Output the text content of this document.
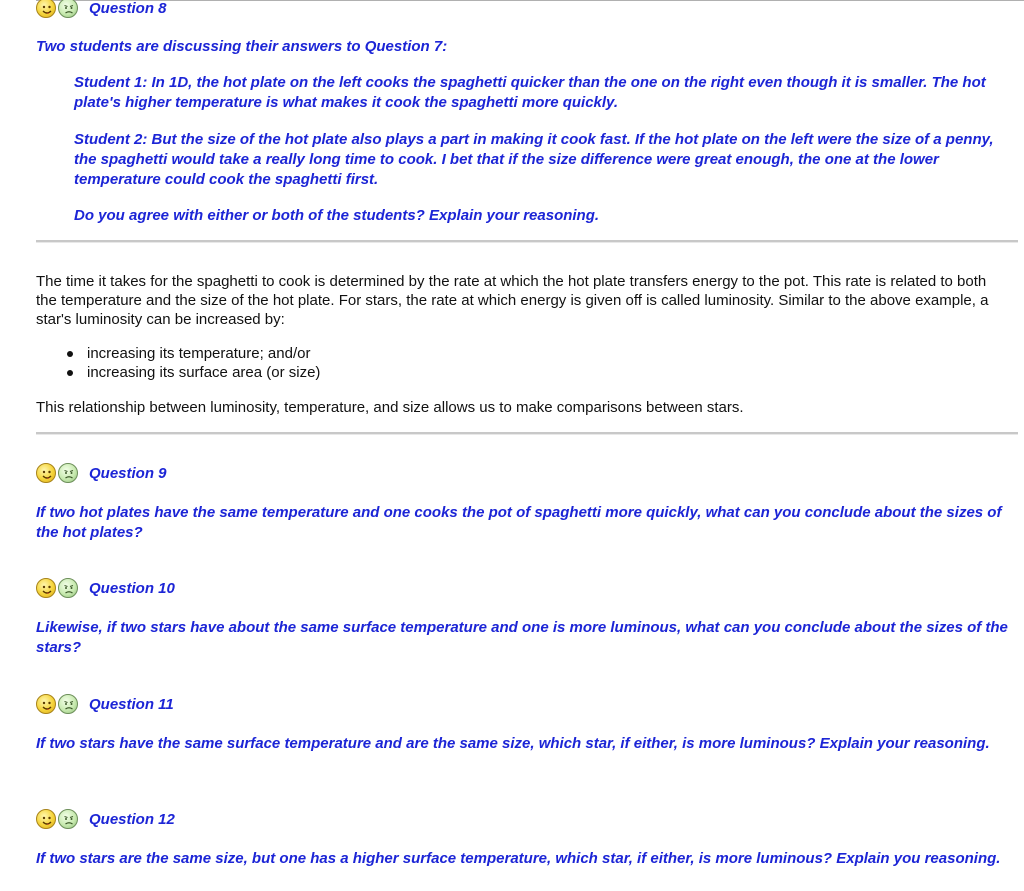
Question 8

Two students are discussing their answers to Question 7:

Student 1: In 1D, the hot plate on the left cooks the spaghetti quicker than the one on the right even though it is smaller. The hot plate's higher temperature is what makes it cook the spaghetti more quickly.

Student 2: But the size of the hot plate also plays a part in making it cook fast. If the hot plate on the left were the size of a penny, the spaghetti would take a really long time to cook. I bet that if the size difference were great enough, the one at the lower temperature could cook the spaghetti first.

Do you agree with either or both of the students? Explain your reasoning.

The time it takes for the spaghetti to cook is determined by the rate at which the hot plate transfers energy to the pot. This rate is related to both the temperature and the size of the hot plate. For stars, the rate at which energy is given off is called luminosity. Similar to the above example, a star's luminosity can be increased by:

increasing its temperature; and/or
increasing its surface area (or size)

This relationship between luminosity, temperature, and size allows us to make comparisons between stars.

Question 9

If two hot plates have the same temperature and one cooks the pot of spaghetti more quickly, what can you conclude about the sizes of the hot plates?

Question 10

Likewise, if two stars have about the same surface temperature and one is more luminous, what can you conclude about the sizes of the stars?

Question 11

If two stars have the same surface temperature and are the same size, which star, if either, is more luminous? Explain your reasoning.

Question 12

If two stars are the same size, but one has a higher surface temperature, which star, if either, is more luminous? Explain you reasoning.
